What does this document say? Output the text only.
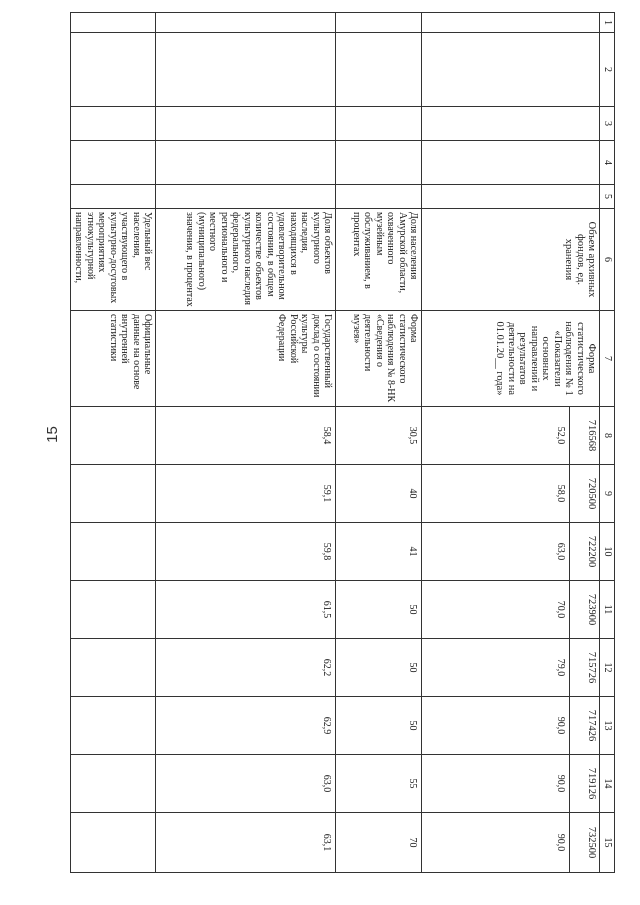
15
1	2	3	4	5	6	7	8	9	10	11	12	13	14	15
					Объем архивных фондов, ед. хранения	Форма статистического наблюдения № 1 «Показатели основных направлений и результатов деятельности на 01.01.20__ года»	716568	720500	722200	723900	715726	717426	719126	732500
							52,0	58,0	63,0	70,0	79,0	90,0	90,0	90,0
					Доля населения Амурской области, охваченного музейным обслуживанием, в процентах	Форма статистического наблюдения № 8-НК «Сведения о деятельности музея»	30,5	40	41	50	50	50	55	70
					Доля объектов культурного наследия, находящихся в удовлетворительном состоянии, в общем количестве объектов культурного наследия федерального, регионального и местного (муниципального) значения, в процентах	Государственный доклад о состоянии культуры Российской Федерации	58,4	59,1	59,8	61,5	62,2	62,9	63,0	63,1
					Удельный вес населения, участвующего в культурно-досуговых мероприятиях этнокультурной направленности,	Официальные данные на основе внутренней статистики								
